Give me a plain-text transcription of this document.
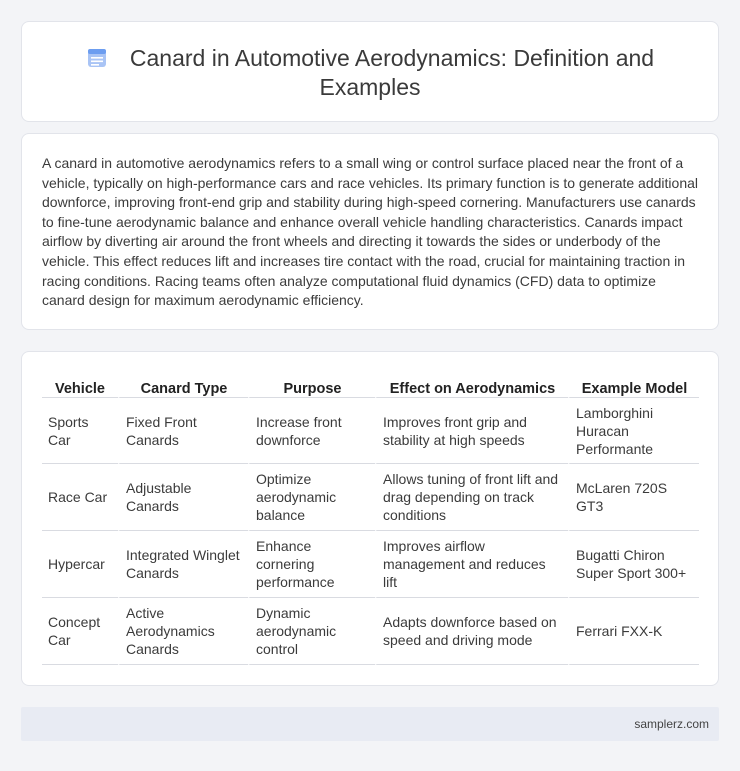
Canard in Automotive Aerodynamics: Definition and Examples

A canard in automotive aerodynamics refers to a small wing or control surface placed near the front of a vehicle, typically on high-performance cars and race vehicles. Its primary function is to generate additional downforce, improving front-end grip and stability during high-speed cornering. Manufacturers use canards to fine-tune aerodynamic balance and enhance overall vehicle handling characteristics. Canards impact airflow by diverting air around the front wheels and directing it towards the sides or underbody of the vehicle. This effect reduces lift and increases tire contact with the road, crucial for maintaining traction in racing conditions. Racing teams often analyze computational fluid dynamics (CFD) data to optimize canard design for maximum aerodynamic efficiency.

Vehicle	Canard Type	Purpose	Effect on Aerodynamics	Example Model
Sports Car	Fixed Front Canards	Increase front downforce	Improves front grip and stability at high speeds	Lamborghini Huracan Performante
Race Car	Adjustable Canards	Optimize aerodynamic balance	Allows tuning of front lift and drag depending on track conditions	McLaren 720S GT3
Hypercar	Integrated Winglet Canards	Enhance cornering performance	Improves airflow management and reduces lift	Bugatti Chiron Super Sport 300+
Concept Car	Active Aerodynamics Canards	Dynamic aerodynamic control	Adapts downforce based on speed and driving mode	Ferrari FXX-K
samplerz.com
